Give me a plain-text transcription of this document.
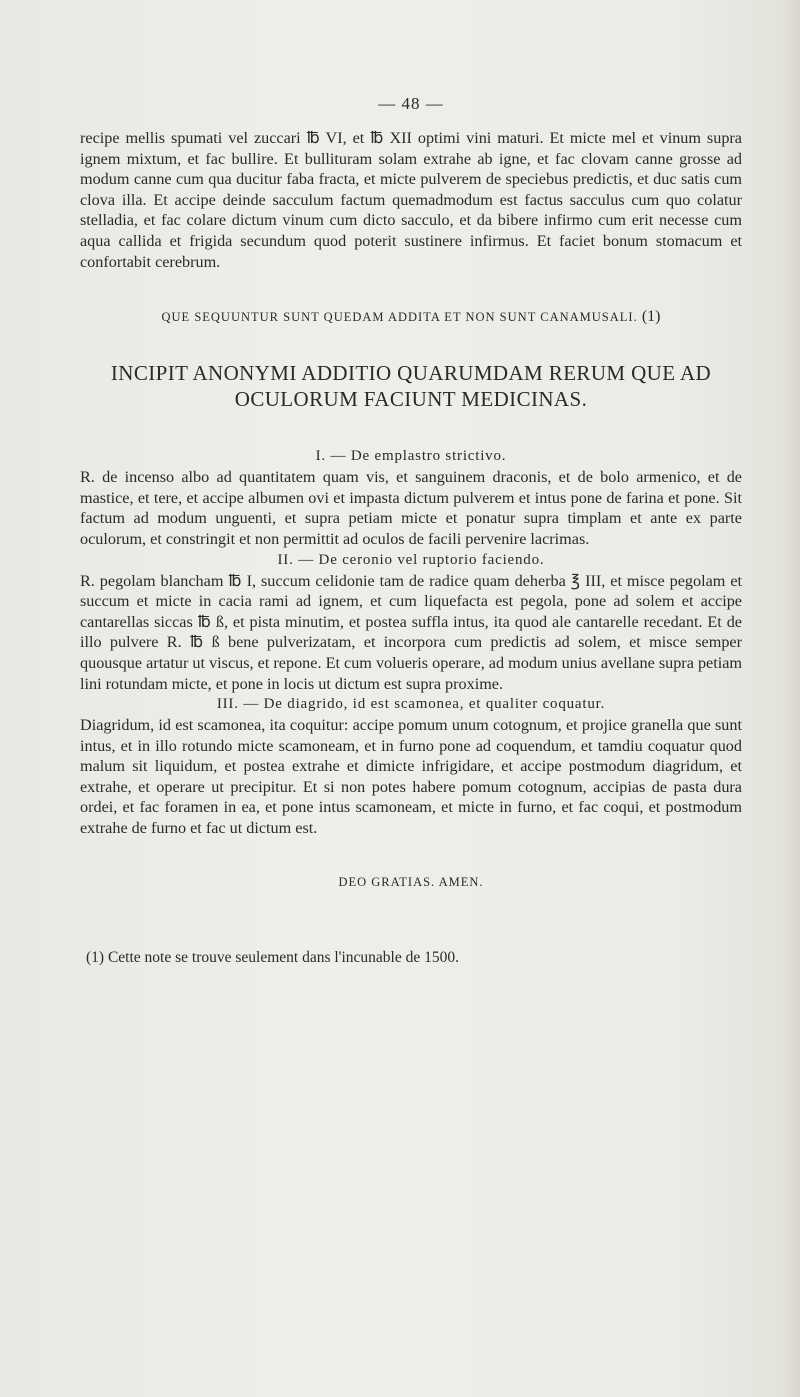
— 48 —

recipe mellis spumati vel zuccari ℔ VI, et ℔ XII optimi vini maturi. Et micte mel et vinum supra ignem mixtum, et fac bullire. Et bullituram solam extrahe ab igne, et fac clovam canne grosse ad modum canne cum qua ducitur faba fracta, et micte pulverem de speciebus predictis, et duc satis cum clova illa. Et accipe deinde sacculum factum quemadmodum est factus sacculus cum quo colatur stelladia, et fac colare dictum vinum cum dicto sacculo, et da bibere infirmo cum erit necesse cum aqua callida et frigida secundum quod poterit sustinere infirmus. Et faciet bonum stomacum et confortabit cerebrum.

QUE SEQUUNTUR SUNT QUEDAM ADDITA ET NON SUNT CANAMUSALI. (1)
INCIPIT ANONYMI ADDITIO QUARUMDAM RERUM QUE AD OCULORUM FACIUNT MEDICINAS.
I. — De emplastro strictivo.

R. de incenso albo ad quantitatem quam vis, et sanguinem draconis, et de bolo armenico, et de mastice, et tere, et accipe albumen ovi et impasta dictum pulverem et intus pone de farina et pone. Sit factum ad modum unguenti, et supra petiam micte et ponatur supra timplam et ante ex parte oculorum, et constringit et non permittit ad oculos de facili pervenire lacrimas.

II. — De ceronio vel ruptorio faciendo.

R. pegolam blancham ℔ I, succum celidonie tam de radice quam deherba ℥ III, et misce pegolam et succum et micte in cacia rami ad ignem, et cum liquefacta est pegola, pone ad solem et accipe cantarellas siccas ℔ ß, et pista minutim, et postea suffla intus, ita quod ale cantarelle recedant. Et de illo pulvere R. ℔ ß bene pulverizatam, et incorpora cum predictis ad solem, et misce semper quousque artatur ut viscus, et repone. Et cum volueris operare, ad modum unius avellane supra petiam lini rotundam micte, et pone in locis ut dictum est supra proxime.

III. — De diagrido, id est scamonea, et qualiter coquatur.

Diagridum, id est scamonea, ita coquitur: accipe pomum unum cotognum, et projice granella que sunt intus, et in illo rotundo micte scamoneam, et in furno pone ad coquendum, et tamdiu coquatur quod malum sit liquidum, et postea extrahe et dimicte infrigidare, et accipe postmodum diagridum, et extrahe, et operare ut precipitur. Et si non potes habere pomum cotognum, accipias de pasta dura ordei, et fac foramen in ea, et pone intus scamoneam, et micte in furno, et fac coqui, et postmodum extrahe de furno et fac ut dictum est.

DEO GRATIAS. AMEN.
(1) Cette note se trouve seulement dans l'incunable de 1500.
